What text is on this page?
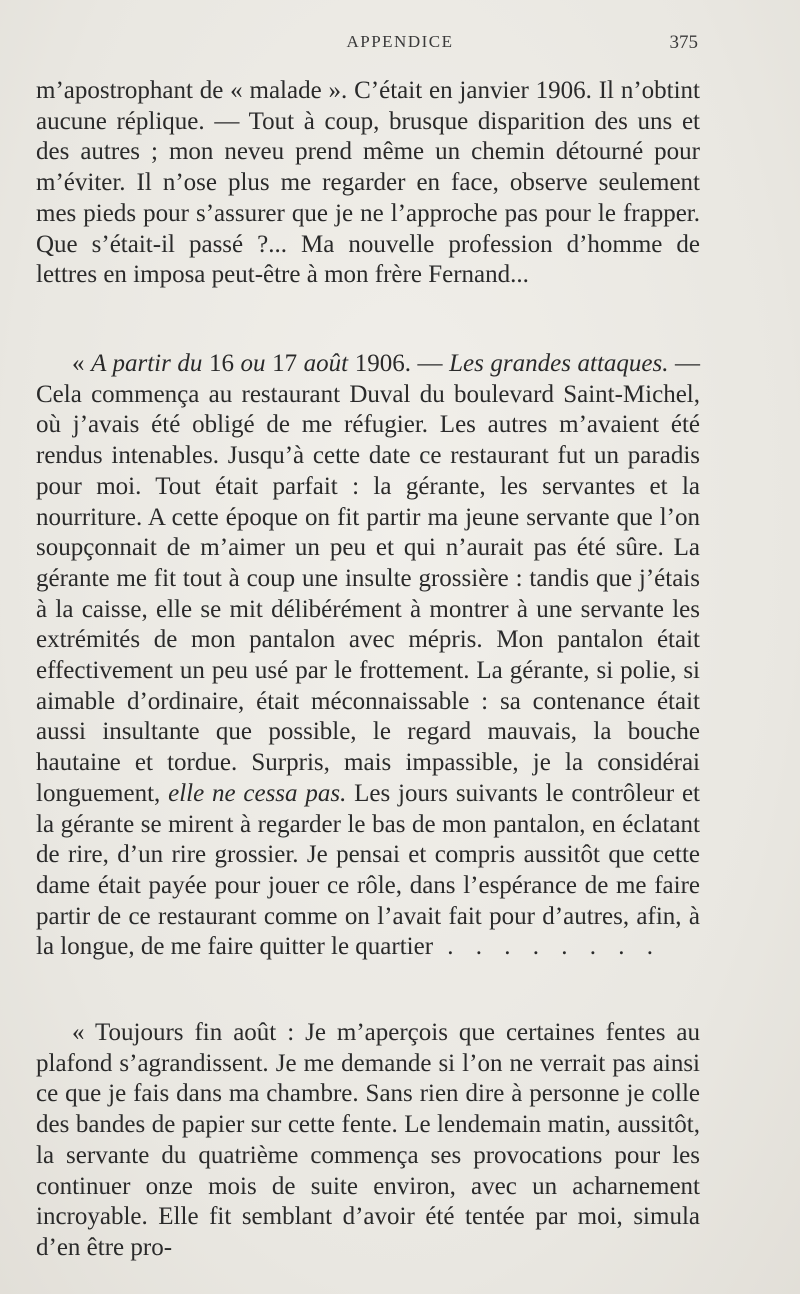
APPENDICE	375

m’apostrophant de « malade ». C’était en janvier 1906. Il n’obtint aucune réplique. — Tout à coup, brusque disparition des uns et des autres ; mon neveu prend même un chemin détourné pour m’éviter. Il n’ose plus me regarder en face, observe seulement mes pieds pour s’assurer que je ne l’approche pas pour le frapper. Que s’était-il passé ?... Ma nouvelle profession d’homme de lettres en imposa peut-être à mon frère Fernand...

« A partir du 16 ou 17 août 1906. — Les grandes attaques. — Cela commença au restaurant Duval du boulevard Saint-Michel, où j’avais été obligé de me réfugier. Les autres m’avaient été rendus intenables. Jusqu’à cette date ce restaurant fut un paradis pour moi. Tout était parfait : la gérante, les servantes et la nourriture. A cette époque on fit partir ma jeune servante que l’on soupçonnait de m’aimer un peu et qui n’aurait pas été sûre. La gérante me fit tout à coup une insulte grossière : tandis que j’étais à la caisse, elle se mit délibérément à montrer à une servante les extrémités de mon pantalon avec mépris. Mon pantalon était effectivement un peu usé par le frottement. La gérante, si polie, si aimable d’ordinaire, était méconnaissable : sa contenance était aussi insultante que possible, le regard mauvais, la bouche hautaine et tordue. Surpris, mais impassible, je la considérai longuement, elle ne cessa pas. Les jours suivants le contrôleur et la gérante se mirent à regarder le bas de mon pantalon, en éclatant de rire, d’un rire grossier. Je pensai et compris aussitôt que cette dame était payée pour jouer ce rôle, dans l’espérance de me faire partir de ce restaurant comme on l’avait fait pour d’autres, afin, à la longue, de me faire quitter le quartier . . . . . . . .

« Toujours fin août : Je m’aperçois que certaines fentes au plafond s’agrandissent. Je me demande si l’on ne verrait pas ainsi ce que je fais dans ma chambre. Sans rien dire à personne je colle des bandes de papier sur cette fente. Le lendemain matin, aussitôt, la servante du quatrième commença ses provocations pour les continuer onze mois de suite environ, avec un acharnement incroyable. Elle fit semblant d’avoir été tentée par moi, simula d’en être pro-
